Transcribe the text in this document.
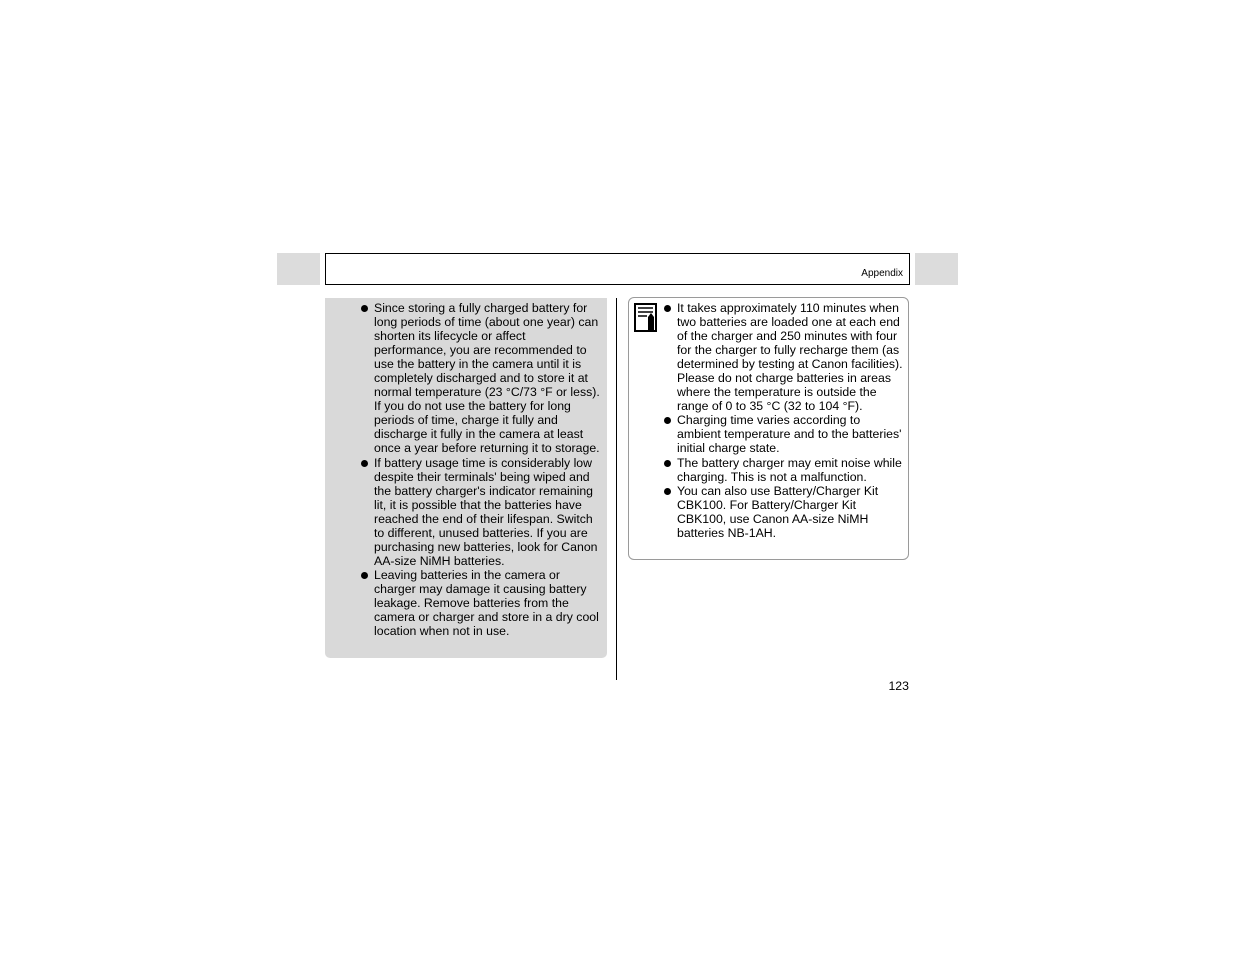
Appendix
Since storing a fully charged battery for long periods of time (about one year) can shorten its lifecycle or affect performance, you are recommended to use the battery in the camera until it is completely discharged and to store it at normal temperature (23 °C/73 °F or less). If you do not use the battery for long periods of time, charge it fully and discharge it fully in the camera at least once a year before returning it to storage.
If battery usage time is considerably low despite their terminals' being wiped and the battery charger's indicator remaining lit, it is possible that the batteries have reached the end of their lifespan. Switch to different, unused batteries. If you are purchasing new batteries, look for Canon AA-size NiMH batteries.
Leaving batteries in the camera or charger may damage it causing battery leakage. Remove batteries from the camera or charger and store in a dry cool location when not in use.
It takes approximately 110 minutes when two batteries are loaded one at each end of the charger and 250 minutes with four for the charger to fully recharge them (as determined by testing at Canon facilities). Please do not charge batteries in areas where the temperature is outside the range of 0 to 35 °C (32 to 104 °F).
Charging time varies according to ambient temperature and to the batteries' initial charge state.
The battery charger may emit noise while charging. This is not a malfunction.
You can also use Battery/Charger Kit CBK100. For Battery/Charger Kit CBK100, use Canon AA-size NiMH batteries NB-1AH.
123
